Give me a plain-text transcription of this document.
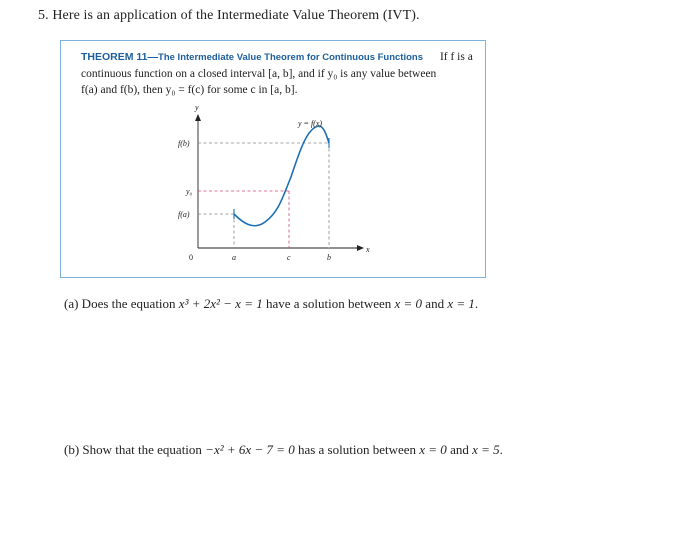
5. Here is an application of the Intermediate Value Theorem (IVT).
THEOREM 11—The Intermediate Value Theorem for Continuous Functions If f is a continuous function on a closed interval [a, b], and if y₀ is any value between
f(a) and f(b), then y₀ = f(c) for some c in [a, b].
y = f(x)
y
x
f(b)
y₀
f(a)
0	a	c	b
(a) Does the equation x³ + 2x² − x = 1 have a solution between x = 0 and x = 1.
(b) Show that the equation −x² + 6x − 7 = 0 has a solution between x = 0 and x = 5.
